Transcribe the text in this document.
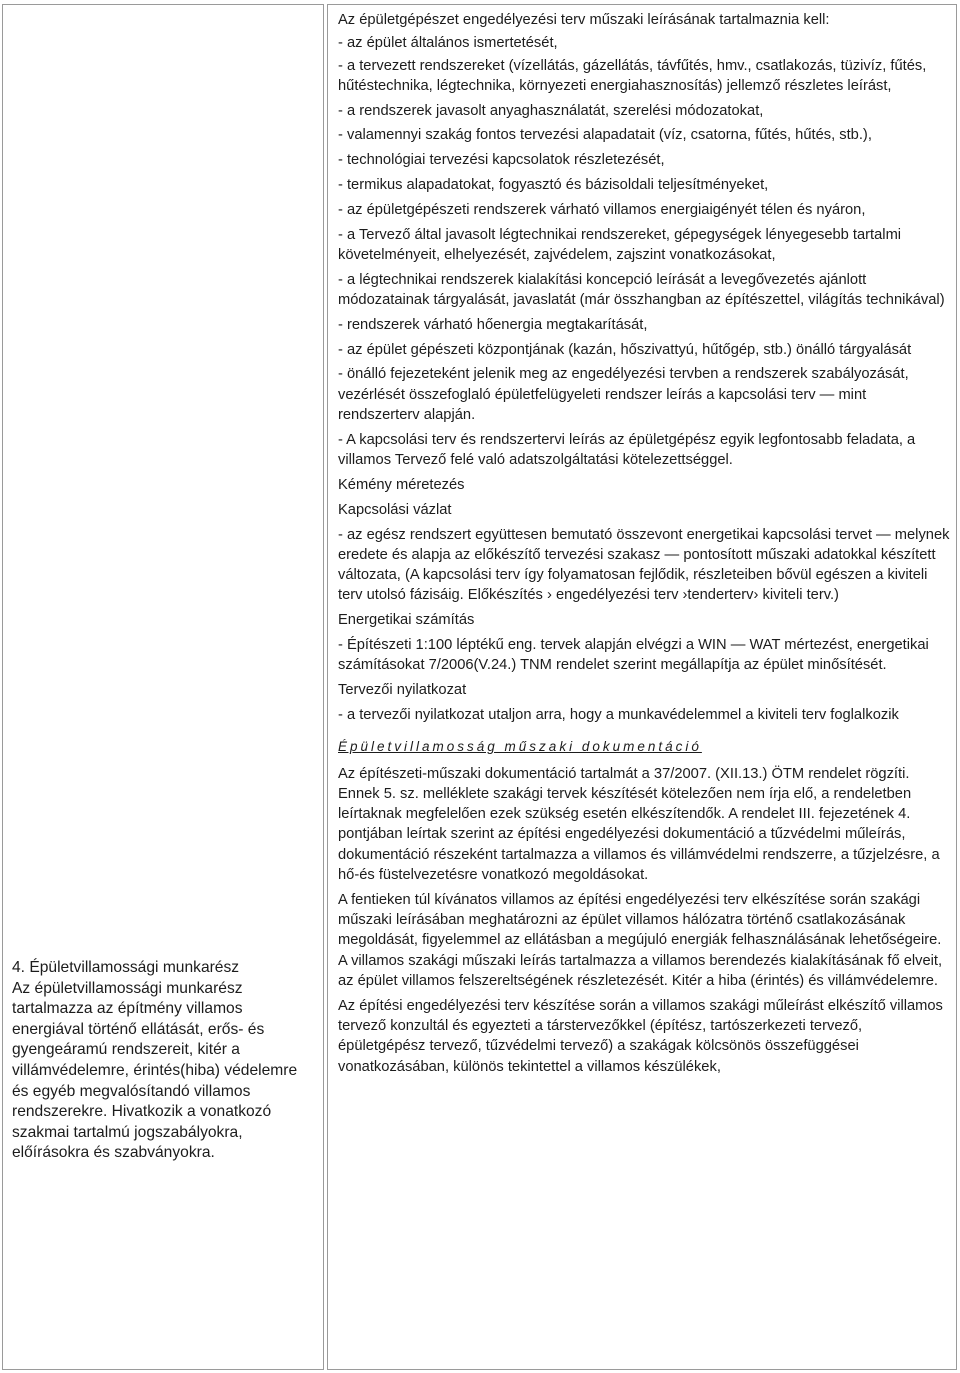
4. Épületvillamossági munkarész

Az épületvillamossági munkarész tartalmazza az építmény villamos energiával történő ellátását, erős- és gyengeáramú rendszereit, kitér a villámvédelemre, érintés(hiba) védelemre és egyéb megvalósítandó villamos rendszerekre. Hivatkozik a vonatkozó szakmai tartalmú jogszabályokra, előírásokra és szabványokra.

Az épületgépészet engedélyezési terv műszaki leírásának tartalmaznia kell:

- az épület általános ismertetését,

- a tervezett rendszereket (vízellátás, gázellátás, távfűtés, hmv., csatlakozás, tüzivíz, fűtés, hűtéstechnika, légtechnika, környezeti energiahasznosítás) jellemző részletes leírást,

- a rendszerek javasolt anyaghasználatát, szerelési módozatokat,

- valamennyi szakág fontos tervezési alapadatait (víz, csatorna, fűtés, hűtés, stb.),

- technológiai tervezési kapcsolatok részletezését,

- termikus alapadatokat, fogyasztó és bázisoldali teljesítményeket,

- az épületgépészeti rendszerek várható villamos energiaigényét télen és nyáron,

- a Tervező által javasolt légtechnikai rendszereket, gépegységek lényegesebb tartalmi követelményeit, elhelyezését, zajvédelem, zajszint vonatkozásokat,

- a légtechnikai rendszerek kialakítási koncepció leírását a levegővezetés ajánlott módozatainak tárgyalását, javaslatát (már összhangban az építészettel, világítás technikával)

- rendszerek várható hőenergia megtakarítását,

- az épület gépészeti központjának (kazán, hőszivattyú, hűtőgép, stb.) önálló tárgyalását

- önálló fejezeteként jelenik meg az engedélyezési tervben a rendszerek szabályozását, vezérlését összefoglaló épületfelügyeleti rendszer leírás a kapcsolási terv — mint rendszerterv alapján.

- A kapcsolási terv és rendszertervi leírás az épületgépész egyik legfontosabb feladata, a villamos Tervező felé való adatszolgáltatási kötelezettséggel.

Kémény méretezés

Kapcsolási vázlat

- az egész rendszert együttesen bemutató összevont energetikai kapcsolási tervet — melynek eredete és alapja az előkészítő tervezési szakasz — pontosított műszaki adatokkal készített változata, (A kapcsolási terv így folyamatosan fejlődik, részleteiben bővül egészen a kiviteli terv utolsó fázisáig. Előkészítés › engedélyezési terv ›tenderterv› kiviteli terv.)

Energetikai számítás

- Építészeti 1:100 léptékű eng. tervek alapján elvégzi a WIN — WAT mértezést, energetikai számításokat 7/2006(V.24.) TNM rendelet szerint megállapítja az épület minősítését.

Tervezői nyilatkozat

- a tervezői nyilatkozat utaljon arra, hogy a munkavédelemmel a kiviteli terv foglalkozik

Épületvillamosság műszaki dokumentáció

Az építészeti-műszaki dokumentáció tartalmát a 37/2007. (XII.13.) ÖTM rendelet rögzíti. Ennek 5. sz. melléklete szakági tervek készítését kötelezően nem írja elő, a rendeletben leírtaknak megfelelően ezek szükség esetén elkészítendők. A rendelet III. fejezetének 4. pontjában leírtak szerint az építési engedélyezési dokumentáció a tűzvédelmi műleírás, dokumentáció részeként tartalmazza a villamos és villámvédelmi rendszerre, a tűzjelzésre, a hő-és füstelvezetésre vonatkozó megoldásokat.

A fentieken túl kívánatos villamos az építési engedélyezési terv elkészítése során szakági műszaki leírásában meghatározni az épület villamos hálózatra történő csatlakozásának megoldását, figyelemmel az ellátásban a megújuló energiák felhasználásának lehetőségeire. A villamos szakági műszaki leírás tartalmazza a villamos berendezés kialakításának fő elveit, az épület villamos felszereltségének részletezését. Kitér a hiba (érintés) és villámvédelemre.

Az építési engedélyezési terv készítése során a villamos szakági műleírást elkészítő villamos tervező konzultál és egyezteti a társtervezőkkel (építész, tartószerkezeti tervező, épületgépész tervező, tűzvédelmi tervező) a szakágak kölcsönös összefüggései vonatkozásában, különös tekintettel a villamos készülékek,
